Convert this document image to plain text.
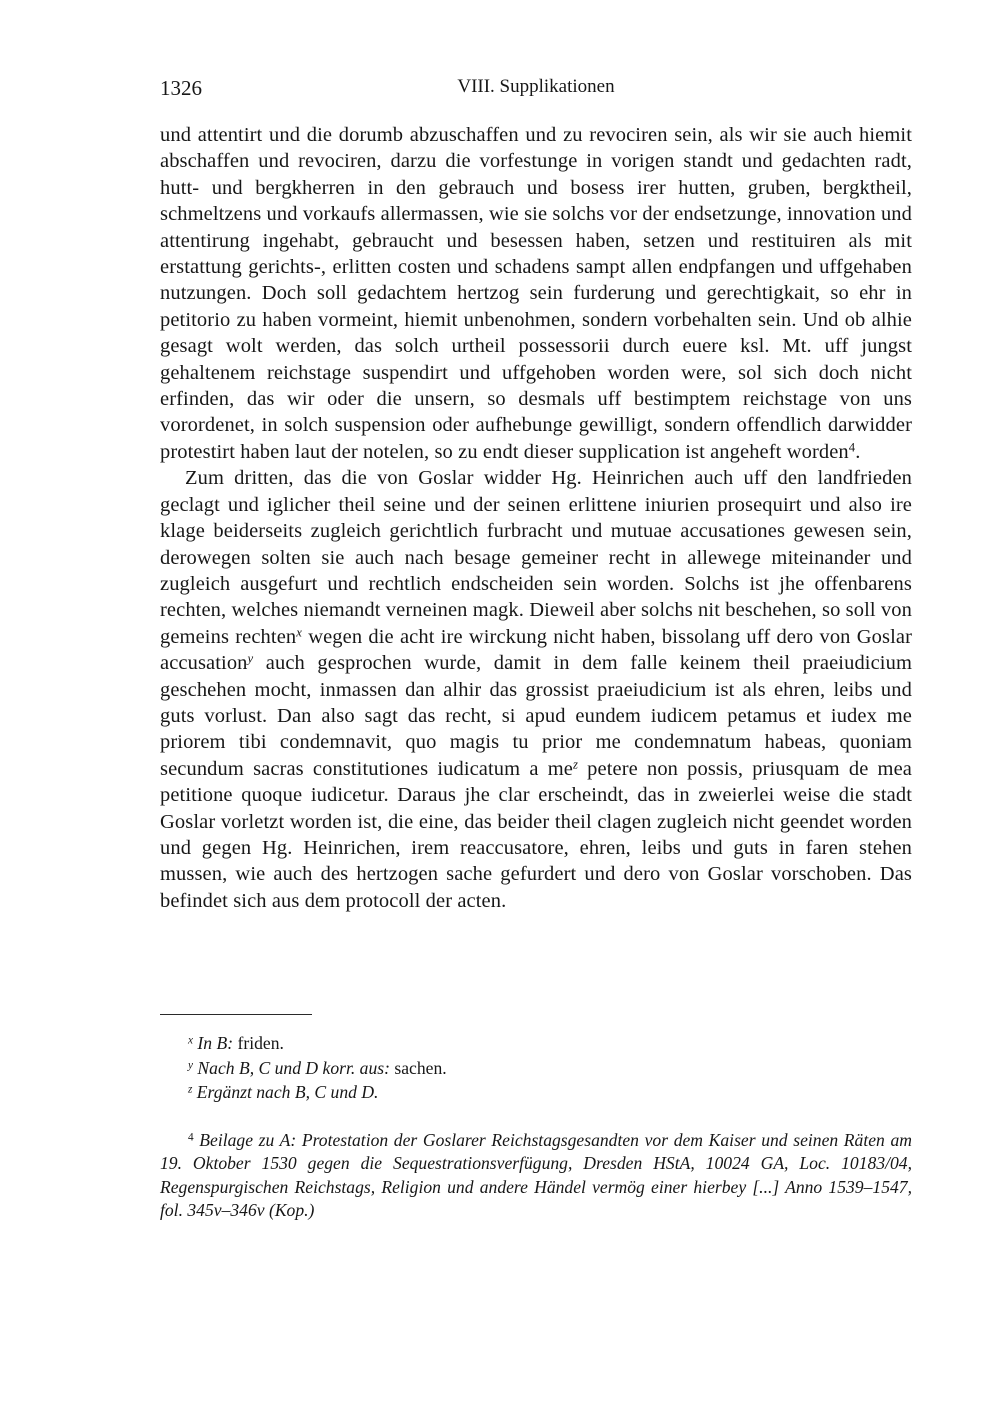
1326	VIII. Supplikationen

und attentirt und die dorumb abzuschaffen und zu revociren sein, als wir sie auch hiemit abschaffen und revociren, darzu die vorfestunge in vorigen standt und gedachten radt, hutt- und bergkherren in den gebrauch und bosess irer hutten, gruben, bergktheil, schmeltzens und vorkaufs allermassen, wie sie solchs vor der endsetzunge, innovation und attentirung ingehabt, gebraucht und besessen haben, setzen und restituiren als mit erstattung gerichts-, erlitten costen und schadens sampt allen endpfangen und uffgehaben nutzungen. Doch soll gedachtem hertzog sein furderung und gerechtigkait, so ehr in petitorio zu haben vormeint, hiemit unbenohmen, sondern vorbehalten sein. Und ob alhie gesagt wolt werden, das solch urtheil possessorii durch euere ksl. Mt. uff jungst gehaltenem reichstage suspendirt und uffgehoben worden were, sol sich doch nicht erfinden, das wir oder die unsern, so desmals uff bestimptem reichstage von uns vorordenet, in solch suspension oder aufhebunge gewilligt, sondern offendlich darwidder protestirt haben laut der notelen, so zu endt dieser supplication ist angeheft worden$^4$.

Zum dritten, das die von Goslar widder Hg. Heinrichen auch uff den landfrieden geclagt und iglicher theil seine und der seinen erlittene iniurien prosequirt und also ire klage beiderseits zugleich gerichtlich furbracht und mutuae accusationes gewesen sein, derowegen solten sie auch nach besage gemeiner recht in allewege miteinander und zugleich ausgefurt und rechtlich endscheiden sein worden. Solchs ist jhe offenbarens rechten, welches niemandt verneinen magk. Dieweil aber solchs nit beschehen, so soll von gemeins rechten$^x$ wegen die acht ire wirckung nicht haben, bissolang uff dero von Goslar accusation$^y$ auch gesprochen wurde, damit in dem falle keinem theil praeiudicium geschehen mocht, inmassen dan alhir das grossist praeiudicium ist als ehren, leibs und guts vorlust. Dan also sagt das recht, si apud eundem iudicem petamus et iudex me priorem tibi condemnavit, quo magis tu prior me condemnatum habeas, quoniam secundum sacras constitutiones iudicatum a me$^z$ petere non possis, priusquam de mea petitione quoque iudicetur. Daraus jhe clar erscheindt, das in zweierlei weise die stadt Goslar vorletzt worden ist, die eine, das beider theil clagen zugleich nicht geendet worden und gegen Hg. Heinrichen, irem reaccusatore, ehren, leibs und guts in faren stehen mussen, wie auch des hertzogen sache gefurdert und dero von Goslar vorschoben. Das befindet sich aus dem protocoll der acten.

$^x$ In B: friden.

$^y$ Nach B, C und D korr. aus: sachen.

$^z$ Ergänzt nach B, C und D.

$^4$ Beilage zu A: Protestation der Goslarer Reichstagsgesandten vor dem Kaiser und seinen Räten am 19. Oktober 1530 gegen die Sequestrationsverfügung, Dresden HStA, 10024 GA, Loc. 10183/04, Regenspurgischen Reichstags, Religion und andere Händel vermög einer hierbey [...] Anno 1539–1547, fol. 345v–346v (Kop.)
